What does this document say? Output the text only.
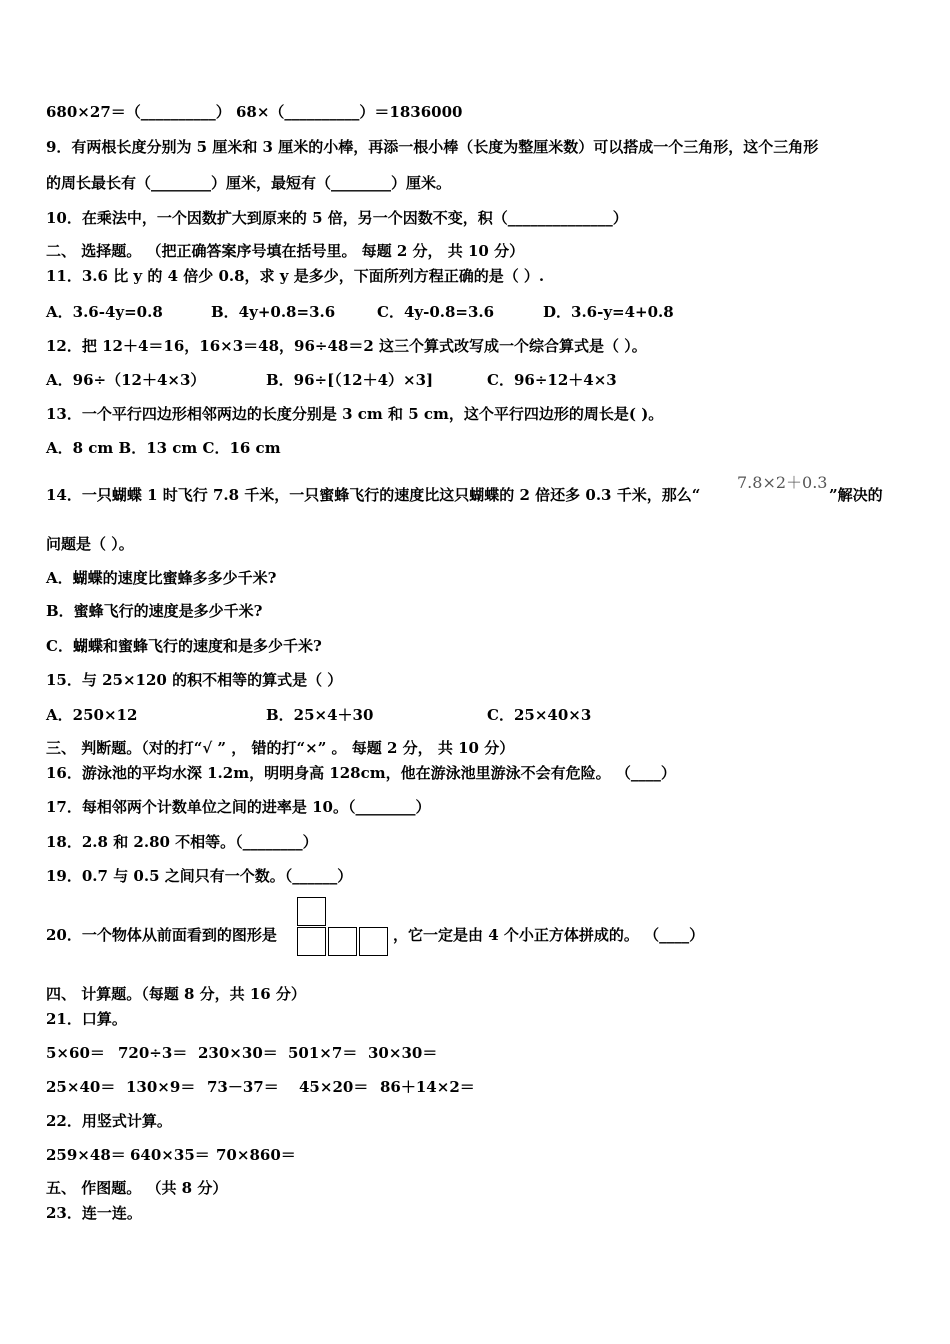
680×27＝（__________） 68×（__________）＝1836000
9．有两根长度分别为 5 厘米和 3 厘米的小棒，再添一根小棒（长度为整厘米数）可以搭成一个三角形，这个三角形
的周长最长有（________）厘米，最短有（________）厘米。
10．在乘法中，一个因数扩大到原来的 5 倍，另一个因数不变，积（______________）
二、 选择题。 （把正确答案序号填在括号里。 每题 2 分， 共 10 分）
11．3.6 比 y 的 4 倍少 0.8，求 y 是多少，下面所列方程正确的是（ ）.
A．3.6-4y=0.8	B．4y+0.8=3.6	C．4y-0.8=3.6	D．3.6-y=4+0.8
12．把 12＋4＝16，16×3＝48，96÷48＝2 这三个算式改写成一个综合算式是（ ）。
A．96÷（12＋4×3）	B．96÷[（12＋4）×3]	C．96÷12＋4×3
13．一个平行四边形相邻两边的长度分别是 3 cm 和 5 cm，这个平行四边形的周长是( )。
A．8 cm B．13 cm C．16 cm
14．一只蝴蝶 1 时飞行 7.8 千米，一只蜜蜂飞行的速度比这只蝴蝶的 2 倍还多 0.3 千米，那么“
7.8×2＋0.3
”解决的
问题是（ ）。
A．蝴蝶的速度比蜜蜂多多少千米?
B．蜜蜂飞行的速度是多少千米?
C．蝴蝶和蜜蜂飞行的速度和是多少千米?
15．与 25×120 的积不相等的算式是（ ）
A．250×12	B．25×4＋30	C．25×40×3
三、 判断题。（对的打“√ ” ， 错的打“×” 。 每题 2 分， 共 10 分）
16．游泳池的平均水深 1.2m，明明身高 128cm，他在游泳池里游泳不会有危险。 （____）
17．每相邻两个计数单位之间的进率是 10。（________）
18．2.8 和 2.80 不相等。（________）
19．0.7 与 0.5 之间只有一个数。（______）
20．一个物体从前面看到的图形是	，它一定是由 4 个小正方体拼成的。 （____）
四、 计算题。（每题 8 分，共 16 分）
21．口算。
5×60＝ 720÷3＝ 230×30＝ 501×7＝ 30×30＝
25×40＝ 130×9＝ 73－37＝ 45×20＝ 86＋14×2＝
22．用竖式计算。
259×48＝ 640×35＝ 70×860＝
五、 作图题。 （共 8 分）
23．连一连。
